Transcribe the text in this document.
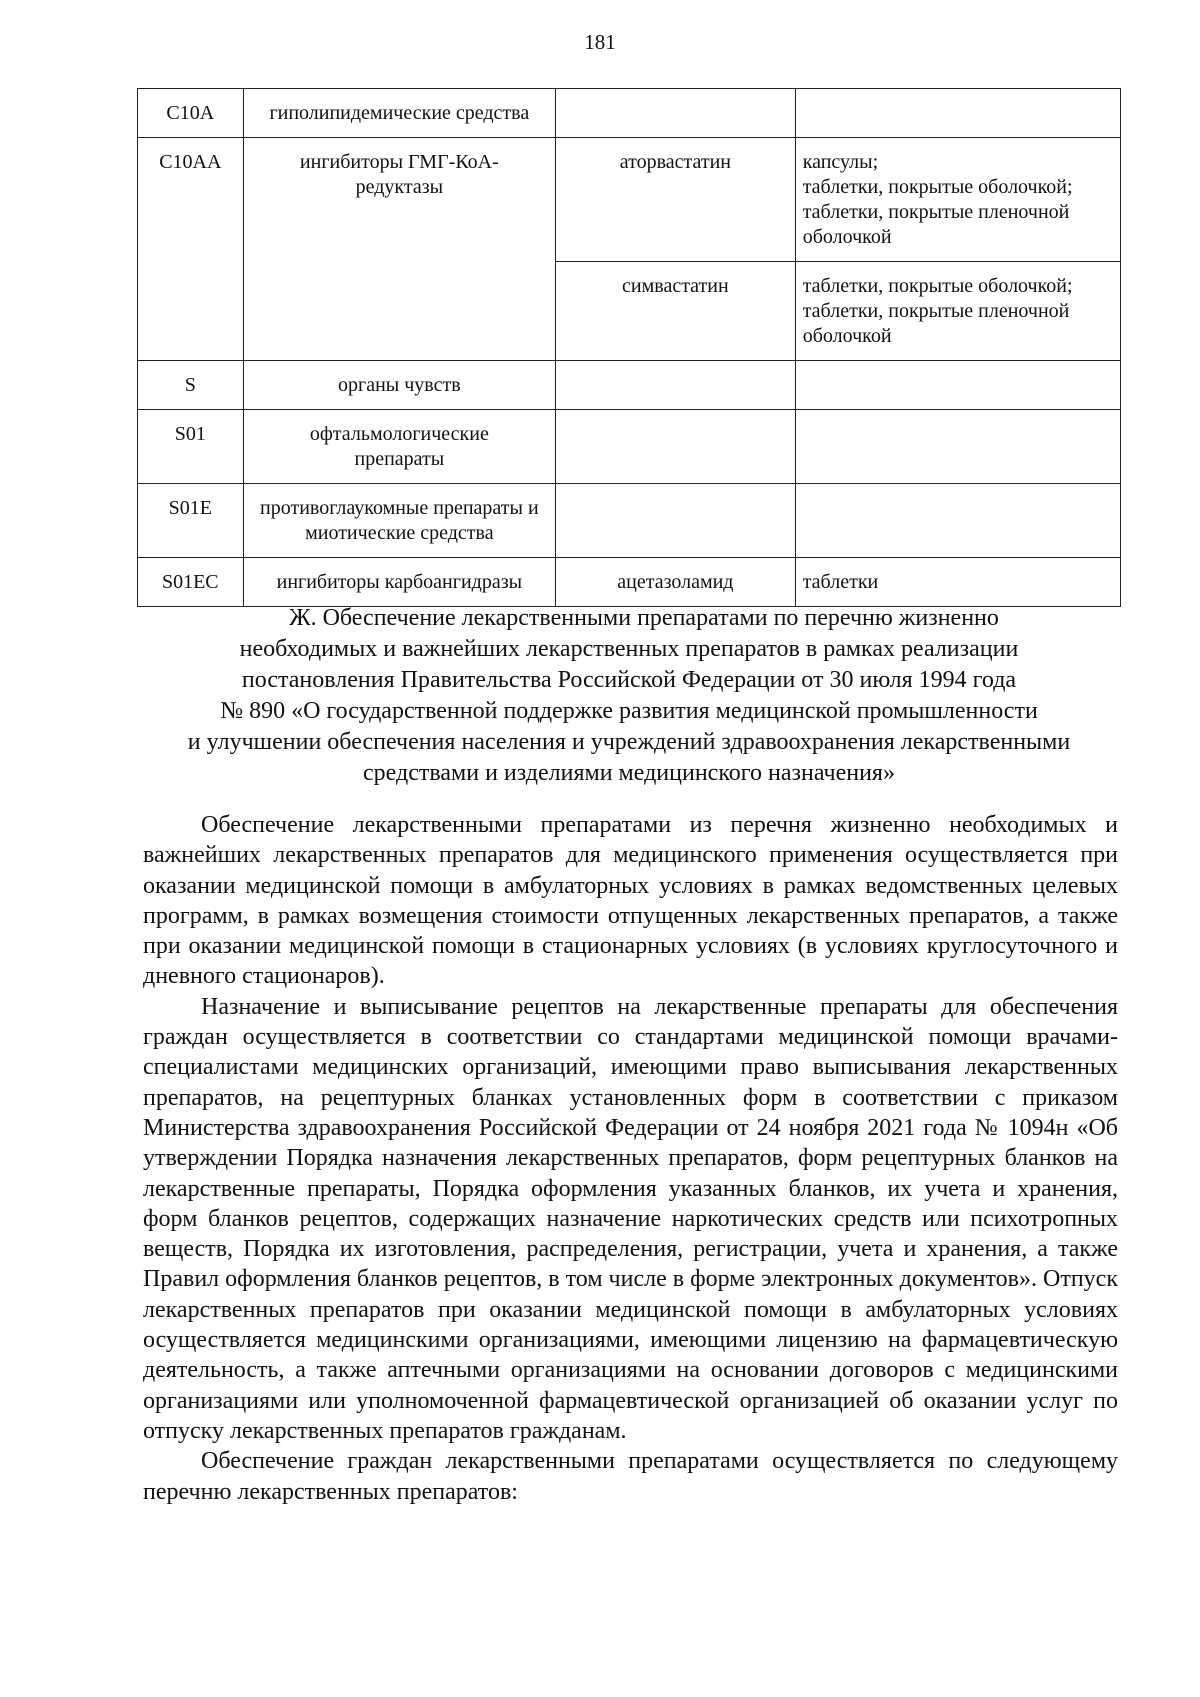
181
C10A	гиполипидемические средства		
C10AA	ингибиторы ГМГ-КоА-редуктазы	аторвастатин	капсулы;
таблетки, покрытые оболочкой;
таблетки, покрытые пленочной оболочкой

		симвастатин	таблетки, покрытые оболочкой;
таблетки, покрытые пленочной оболочкой

S	органы чувств		
S01	офтальмологические препараты		
S01E	противоглаукомные препараты и миотические средства		
S01EC	ингибиторы карбоангидразы	ацетазоламид	таблетки
Ж. Обеспечение лекарственными препаратами по перечню жизненно
необходимых и важнейших лекарственных препаратов в рамках реализации
постановления Правительства Российской Федерации от 30 июля 1994 года
№ 890 «О государственной поддержке развития медицинской промышленности
и улучшении обеспечения населения и учреждений здравоохранения лекарственными
средствами и изделиями медицинского назначения»

Обеспечение лекарственными препаратами из перечня жизненно необходимых и важнейших лекарственных препаратов для медицинского применения осуществляется при оказании медицинской помощи в амбулаторных условиях в рамках ведомственных целевых программ, в рамках возмещения стоимости отпущенных лекарственных препаратов, а также при оказании медицинской помощи в стационарных условиях (в условиях круглосуточного и дневного стационаров).

Назначение и выписывание рецептов на лекарственные препараты для обеспечения граждан осуществляется в соответствии со стандартами медицинской помощи врачами-специалистами медицинских организаций, имеющими право выписывания лекарственных препаратов, на рецептурных бланках установленных форм в соответствии с приказом Министерства здравоохранения Российской Федерации от 24 ноября 2021 года № 1094н «Об утверждении Порядка назначения лекарственных препаратов, форм рецептурных бланков на лекарственные препараты, Порядка оформления указанных бланков, их учета и хранения, форм бланков рецептов, содержащих назначение наркотических средств или психотропных веществ, Порядка их изготовления, распределения, регистрации, учета и хранения, а также Правил оформления бланков рецептов, в том числе в форме электронных документов». Отпуск лекарственных препаратов при оказании медицинской помощи в амбулаторных условиях осуществляется медицинскими организациями, имеющими лицензию на фармацевтическую деятельность, а также аптечными организациями на основании договоров с медицинскими организациями или уполномоченной фармацевтической организацией об оказании услуг по отпуску лекарственных препаратов гражданам.

Обеспечение граждан лекарственными препаратами осуществляется по следующему перечню лекарственных препаратов:
